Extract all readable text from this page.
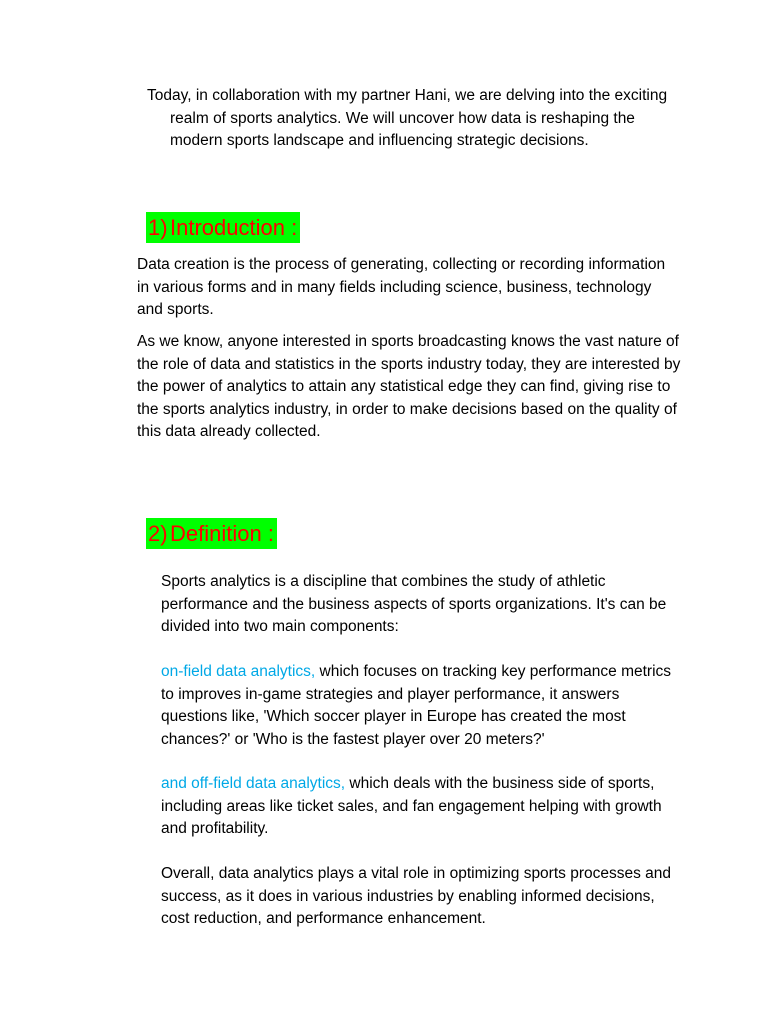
Today, in collaboration with my partner Hani, we are delving into the exciting realm of sports analytics. We will uncover how data is reshaping the modern sports landscape and influencing strategic decisions.

1) Introduction :

Data creation is the process of generating, collecting or recording information in various forms and in many fields including science, business, technology and sports.

As we know, anyone interested in sports broadcasting knows the vast nature of the role of data and statistics in the sports industry today, they are interested by the power of analytics to attain any statistical edge they can find, giving rise to the sports analytics industry, in order to make decisions based on the quality of this data already collected.

2) Definition :

Sports analytics is a discipline that combines the study of athletic performance and the business aspects of sports organizations. It's can be divided into two main components:

on-field data analytics, which focuses on tracking key performance metrics to improves in-game strategies and player performance, it answers questions like, 'Which soccer player in Europe has created the most chances?' or 'Who is the fastest player over 20 meters?'

and off-field data analytics, which deals with the business side of sports, including areas like ticket sales, and fan engagement helping with growth and profitability.

Overall, data analytics plays a vital role in optimizing sports processes and success, as it does in various industries by enabling informed decisions, cost reduction, and performance enhancement.
